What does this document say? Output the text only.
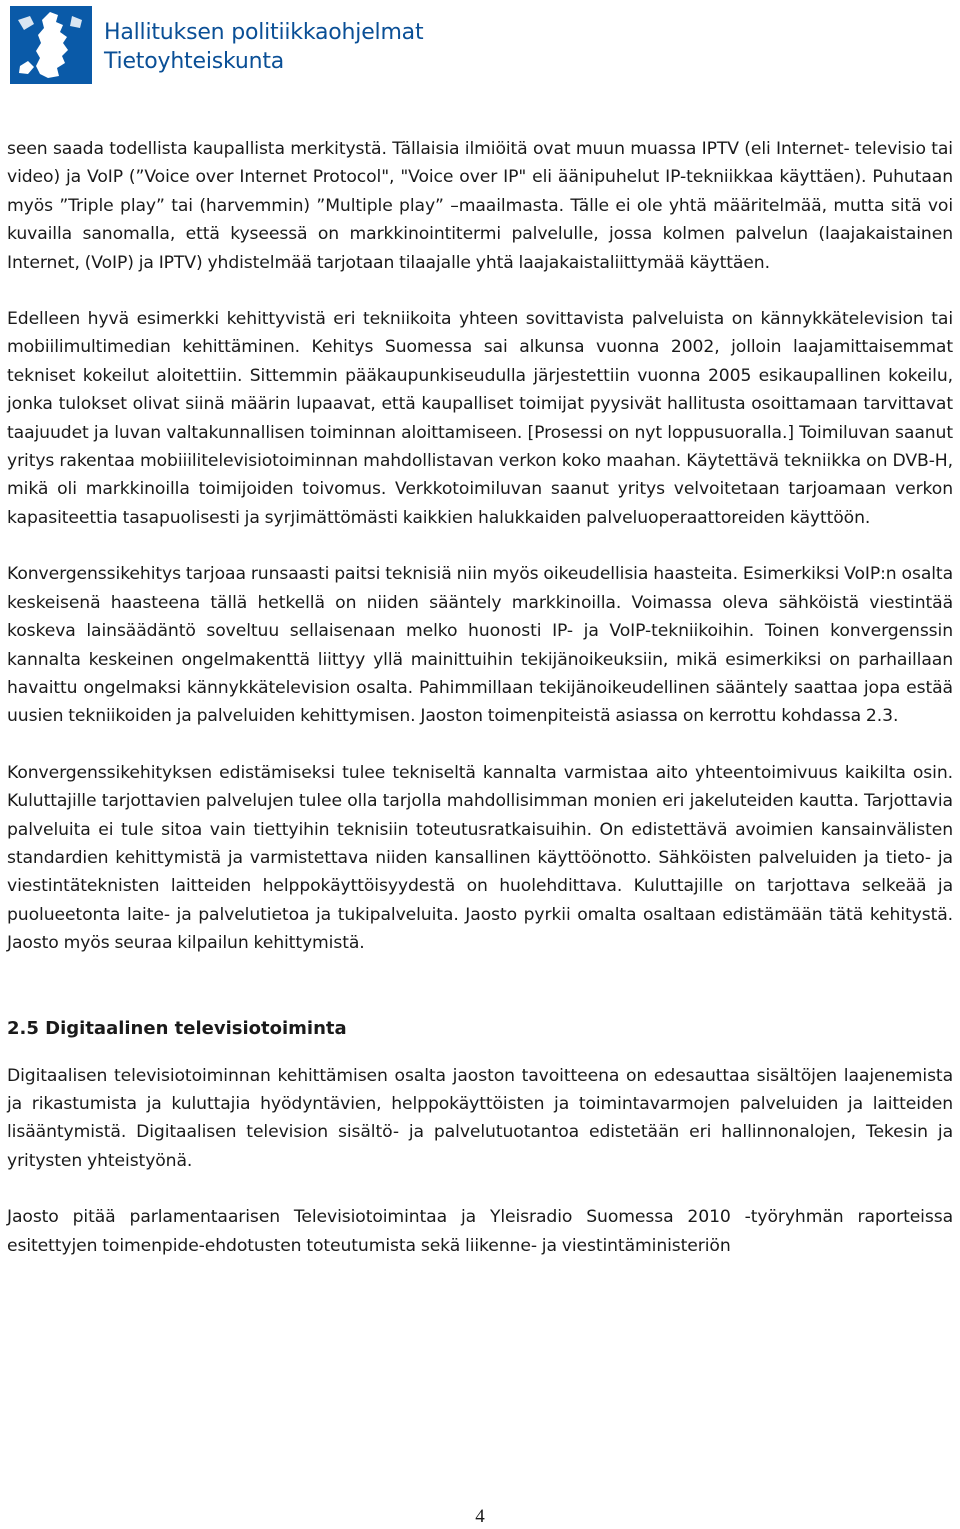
Hallituksen politiikkaohjelmat
Tietoyhteiskunta

seen saada todellista kaupallista merkitystä. Tällaisia ilmiöitä ovat muun muassa IPTV (eli Internet- televisio tai video) ja VoIP (”Voice over Internet Protocol", "Voice over IP" eli äänipuhelut IP-tekniikkaa käyttäen). Puhutaan myös ”Triple play” tai (harvemmin) ”Multiple play” –maailmasta. Tälle ei ole yhtä määritelmää, mutta sitä voi kuvailla sanomalla, että kyseessä on markkinointitermi palvelulle, jossa kolmen palvelun (laajakaistainen Internet, (VoIP) ja IPTV) yhdistelmää tarjotaan tilaajalle yhtä laajakaistaliittymää käyttäen.

Edelleen hyvä esimerkki kehittyvistä eri tekniikoita yhteen sovittavista palveluista on kännykkätelevision tai mobiilimultimedian kehittäminen. Kehitys Suomessa sai alkunsa vuonna 2002, jolloin laajamittaisemmat tekniset kokeilut aloitettiin. Sittemmin pääkaupunkiseudulla järjestettiin vuonna 2005 esikaupallinen kokeilu, jonka tulokset olivat siinä määrin lupaavat, että kaupalliset toimijat pyysivät hallitusta osoittamaan tarvittavat taajuudet ja luvan valtakunnallisen toiminnan aloittamiseen. [Prosessi on nyt loppusuoralla.] Toimiluvan saanut yritys rakentaa mobiiilitelevisiotoiminnan mahdollistavan verkon koko maahan. Käytettävä tekniikka on DVB-H, mikä oli markkinoilla toimijoiden toivomus. Verkkotoimiluvan saanut yritys velvoitetaan tarjoamaan verkon kapasiteettia tasapuolisesti ja syrjimättömästi kaikkien halukkaiden palveluoperaattoreiden käyttöön.

Konvergenssikehitys tarjoaa runsaasti paitsi teknisiä niin myös oikeudellisia haasteita. Esimerkiksi VoIP:n osalta keskeisenä haasteena tällä hetkellä on niiden sääntely markkinoilla. Voimassa oleva sähköistä viestintää koskeva lainsäädäntö soveltuu sellaisenaan melko huonosti IP- ja VoIP-tekniikoihin. Toinen konvergenssin kannalta keskeinen ongelmakenttä liittyy yllä mainittuihin tekijänoikeuksiin, mikä esimerkiksi on parhaillaan havaittu ongelmaksi kännykkätelevision osalta. Pahimmillaan tekijänoikeudellinen sääntely saattaa jopa estää uusien tekniikoiden ja palveluiden kehittymisen. Jaoston toimenpiteistä asiassa on kerrottu kohdassa 2.3.

Konvergenssikehityksen edistämiseksi tulee tekniseltä kannalta varmistaa aito yhteentoimivuus kaikilta osin. Kuluttajille tarjottavien palvelujen tulee olla tarjolla mahdollisimman monien eri jakeluteiden kautta. Tarjottavia palveluita ei tule sitoa vain tiettyihin teknisiin toteutusratkaisuihin. On edistettävä avoimien kansainvälisten standardien kehittymistä ja varmistettava niiden kansallinen käyttöönotto. Sähköisten palveluiden ja tieto- ja viestintäteknisten laitteiden helppokäyttöisyydestä on huolehdittava. Kuluttajille on tarjottava selkeää ja puolueetonta laite- ja palvelutietoa ja tukipalveluita. Jaosto pyrkii omalta osaltaan edistämään tätä kehitystä. Jaosto myös seuraa kilpailun kehittymistä.

2.5 Digitaalinen televisiotoiminta

Digitaalisen televisiotoiminnan kehittämisen osalta jaoston tavoitteena on edesauttaa sisältöjen laajenemista ja rikastumista ja kuluttajia hyödyntävien, helppokäyttöisten ja toimintavarmojen palveluiden ja laitteiden lisääntymistä. Digitaalisen television sisältö- ja palvelutuotantoa edistetään eri hallinnonalojen, Tekesin ja yritysten yhteistyönä.

Jaosto pitää parlamentaarisen Televisiotoimintaa ja Yleisradio Suomessa 2010 -työryhmän raporteissa esitettyjen toimenpide-ehdotusten toteutumista sekä liikenne- ja viestintäministeriön

4
